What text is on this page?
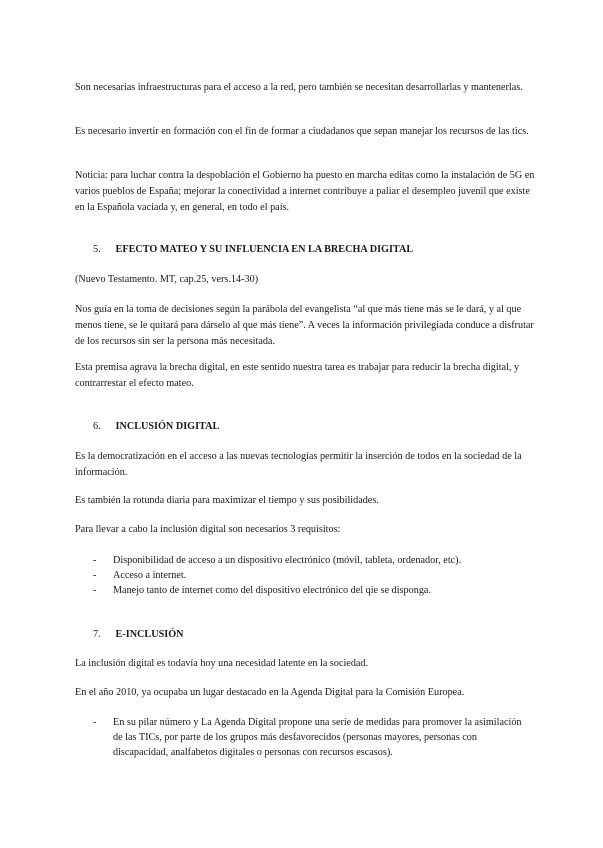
Son necesarias infraestructuras para el acceso a la red, pero también se necesitan desarrollarlas y mantenerlas.

Es necesario invertir en formación con el fin de formar a ciudadanos que sepan manejar los recursos de las tics.

Noticia: para luchar contra la despoblación el Gobierno ha puesto en marcha editas como la instalación de 5G en varios pueblos de España; mejorar la conectividad a internet contribuye a paliar el desempleo juvenil que existe en la Española vaciada y, en general, en todo el país.

5. EFECTO MATEO Y SU INFLUENCIA EN LA BRECHA DIGITAL

(Nuevo Testamento. MT, cap.25, vers.14-30)

Nos guía en la toma de decisiones según la parábola del evangelista “al que más tiene más se le dará, y al que menos tiene, se le quitará para dárselo al que más tiene”. A veces la información privilegiada conduce a disfrutar de los recursos sin ser la persona más necesitada.

Esta premisa agrava la brecha digital, en este sentido nuestra tarea es trabajar para reducir la brecha digital, y contrarrestar el efecto mateo.

6. INCLUSIÓN DIGITAL

Es la democratización en el acceso a las nuevas tecnologías permitir la inserción de todos en la sociedad de la información.

Es también la rotunda diaria para maximizar el tiempo y sus posibilidades.

Para llevar a cabo la inclusión digital son necesarios 3 requisitos:

-	Disponibilidad de acceso a un dispositivo electrónico (móvil, tableta, ordenador, etc).
-	Acceso a internet.
-	Manejo tanto de internet como del dispositivo electrónico del qie se disponga.
7. E-INCLUSIÓN

La inclusión digital es todavía hoy una necesidad latente en la sociedad.

En el año 2010, ya ocupaba un lugar destacado en la Agenda Digital para la Comisión Europea.

-	En su pilar número y La Agenda Digital propone una serie de medidas para promover la asimilación de las TICs, por parte de los grupos más desfavorecidos (personas mayores, personas con discapacidad, analfabetos digitales o personas con recursos escasos).
